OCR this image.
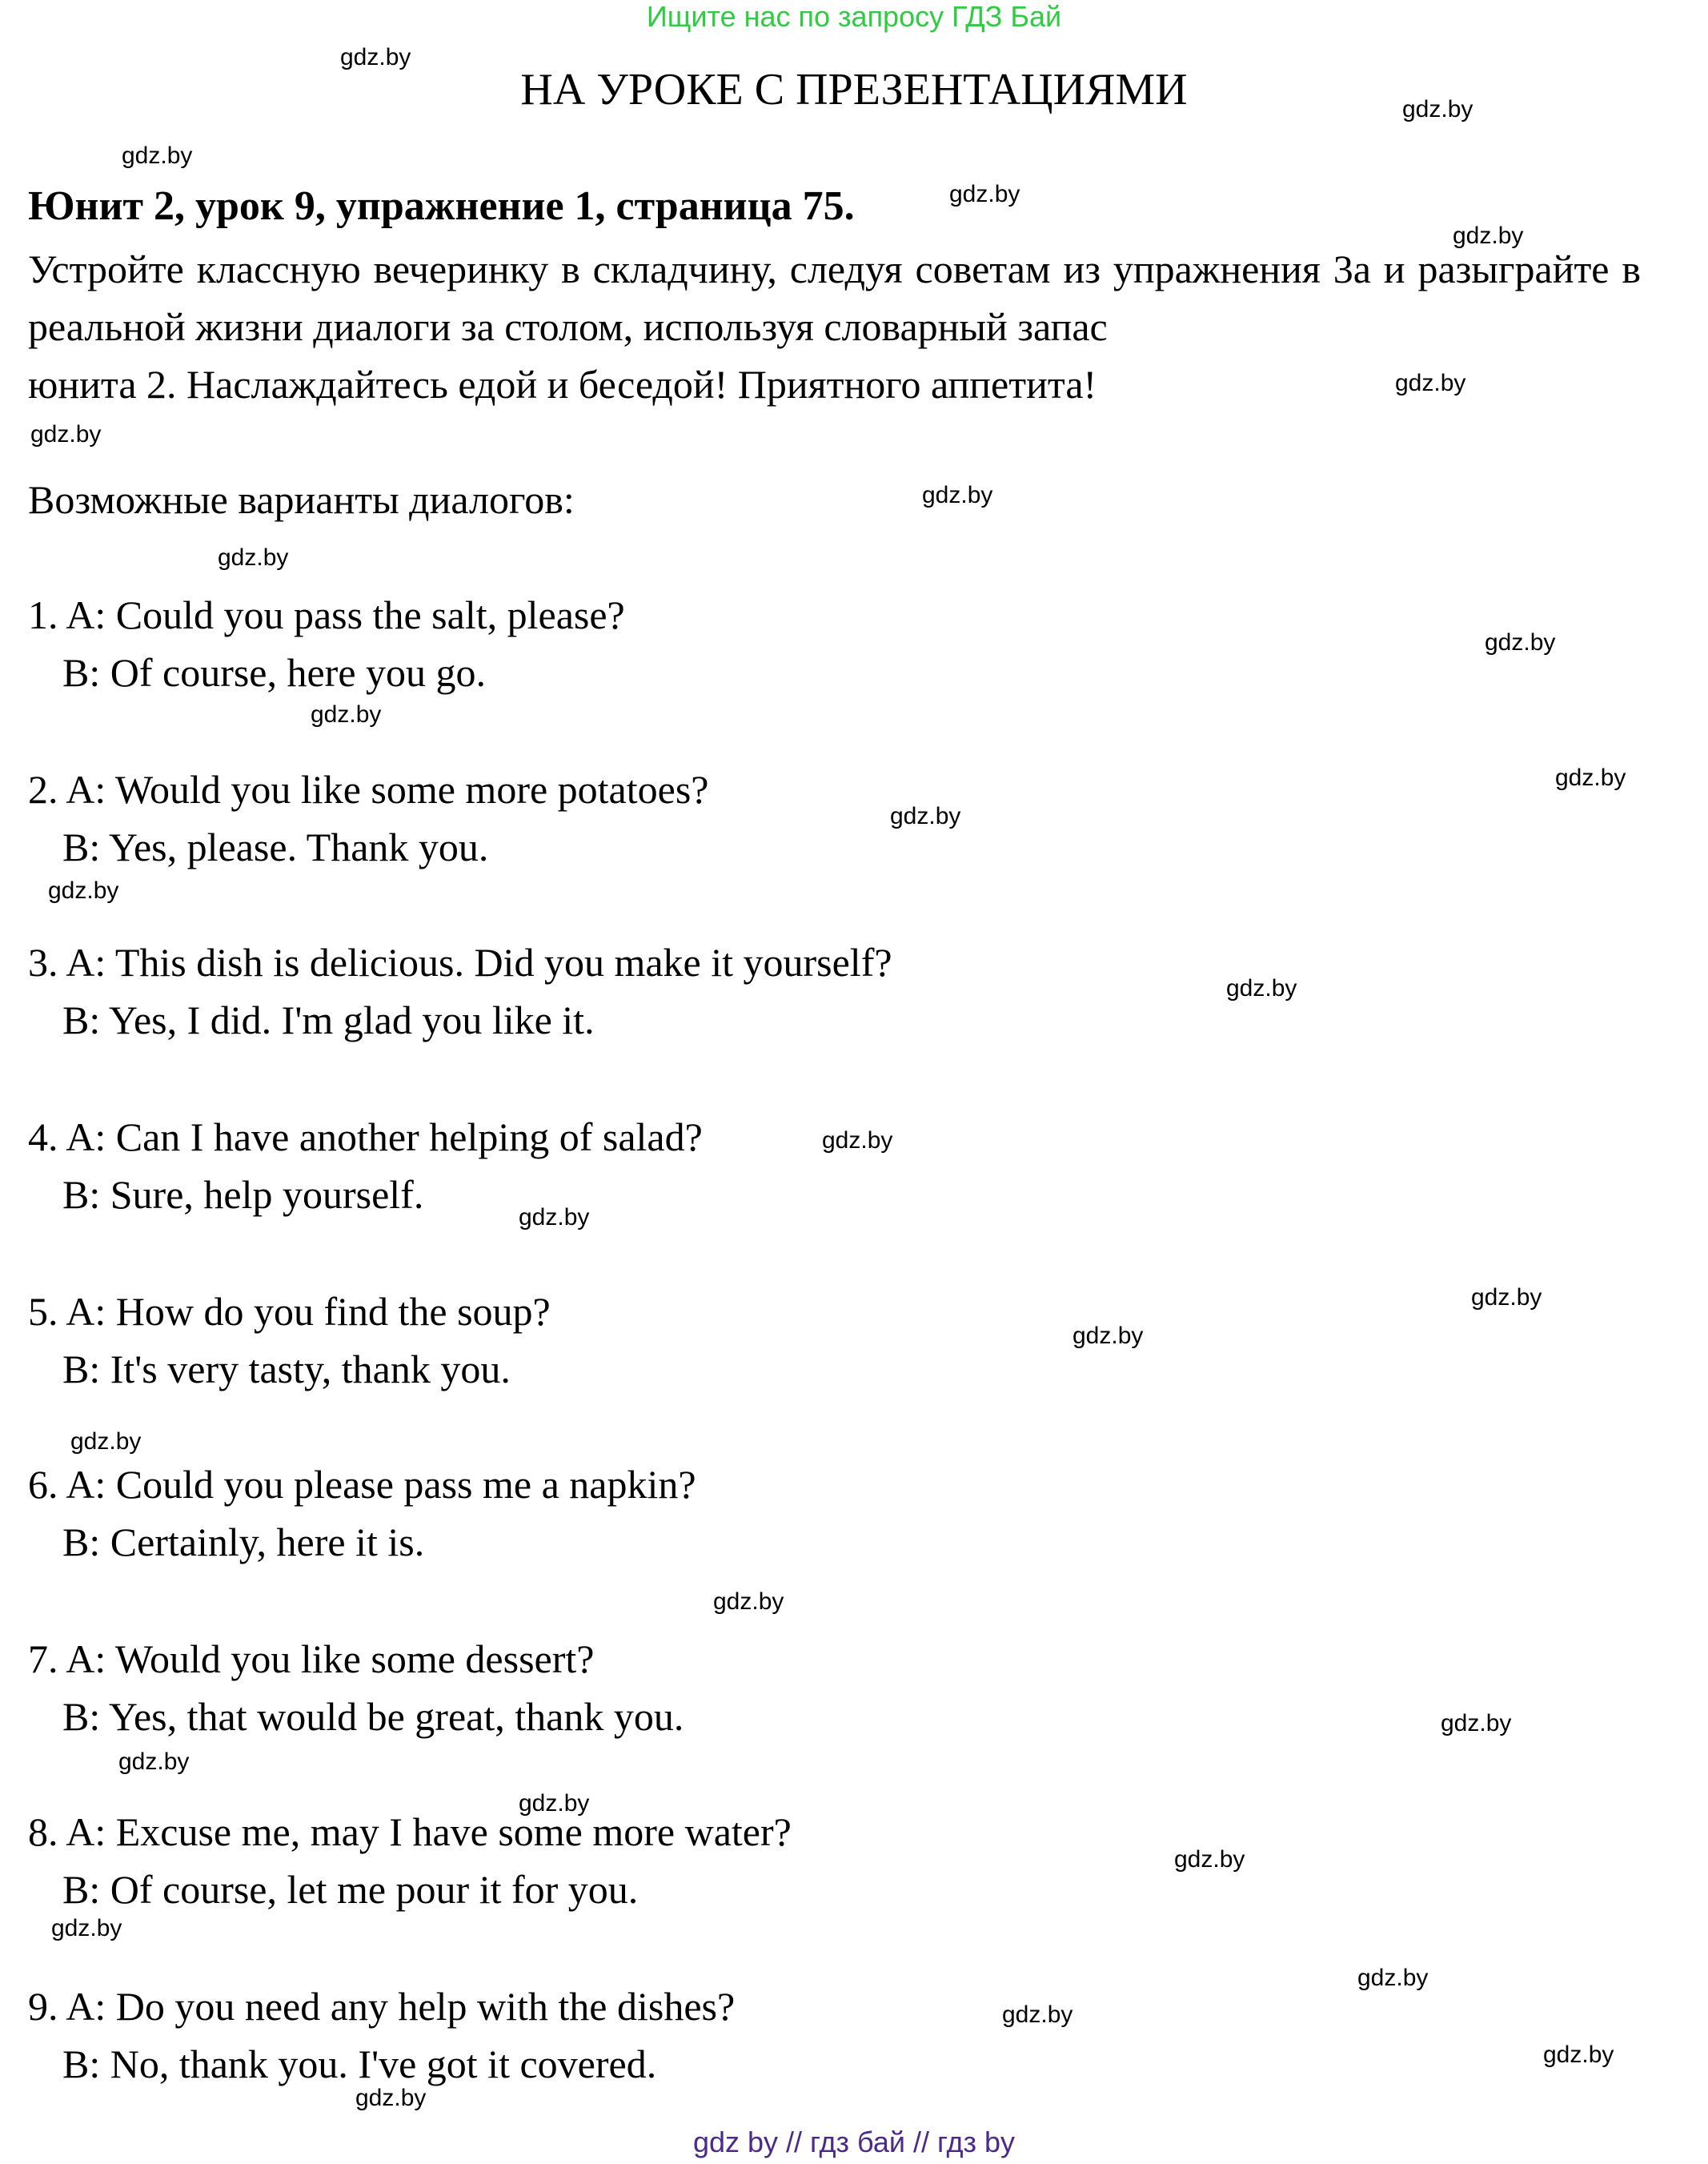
Ищите нас по запросу ГДЗ Бай
НА УРОКЕ С ПРЕЗЕНТАЦИЯМИ
Юнит 2, урок 9, упражнение 1, страница 75.
Устройте классную вечеринку в складчину, следуя советам из упражнения 3а и разыграйте в реальной жизни диалоги за столом, используя словарный запас
юнита 2. Наслаждайтесь едой и беседой! Приятного аппетита!
Возможные варианты диалогов:
1. A: Could you pass the salt, please?
B: Of course, here you go.
2. A: Would you like some more potatoes?
B: Yes, please. Thank you.
3. A: This dish is delicious. Did you make it yourself?
B: Yes, I did. I'm glad you like it.
4. A: Can I have another helping of salad?
B: Sure, help yourself.
5. A: How do you find the soup?
B: It's very tasty, thank you.
6. A: Could you please pass me a napkin?
B: Certainly, here it is.
7. A: Would you like some dessert?
B: Yes, that would be great, thank you.
8. A: Excuse me, may I have some more water?
B: Of course, let me pour it for you.
9. A: Do you need any help with the dishes?
B: No, thank you. I've got it covered.
gdz.by
gdz.by
gdz.by
gdz.by
gdz.by
gdz.by
gdz.by
gdz.by
gdz.by
gdz.by
gdz.by
gdz.by
gdz.by
gdz.by
gdz.by
gdz.by
gdz.by
gdz.by
gdz.by
gdz.by
gdz.by
gdz.by
gdz.by
gdz.by
gdz.by
gdz.by
gdz.by
gdz.by
gdz.by
gdz.by
gdz by // гдз бай // гдз by
